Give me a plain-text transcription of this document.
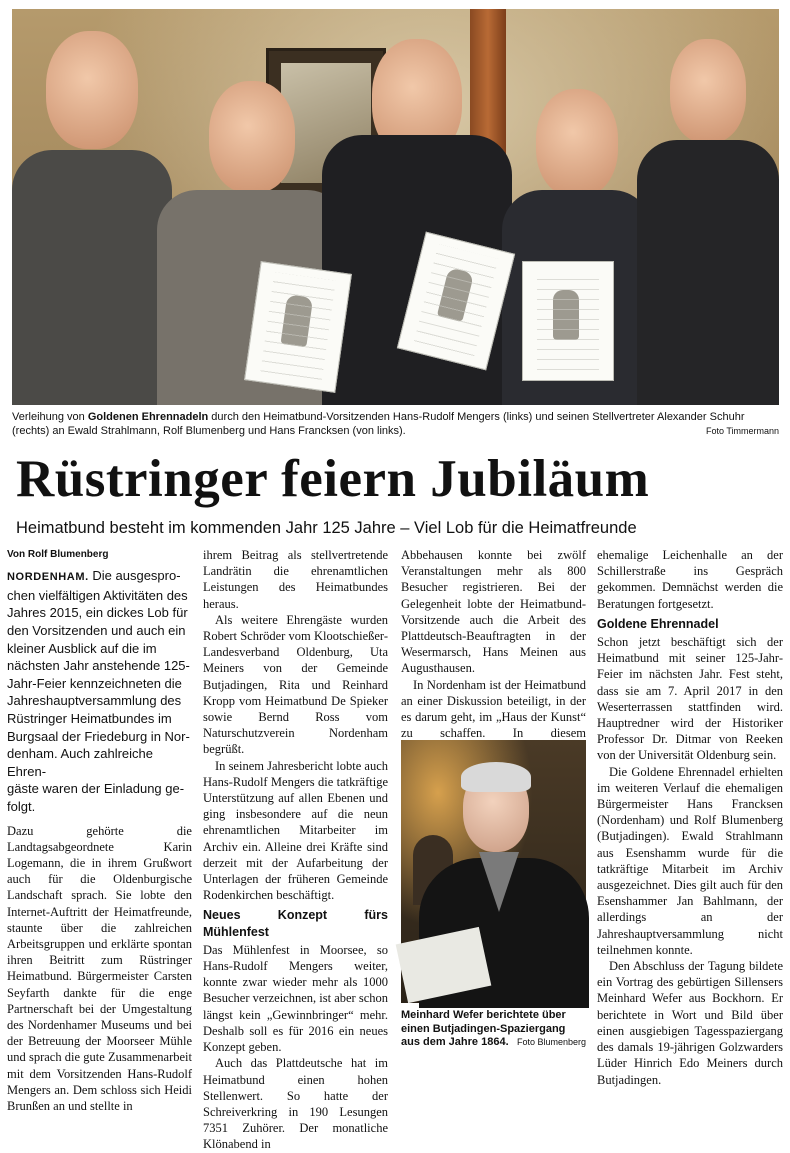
Verleihung von Goldenen Ehrennadeln durch den Heimatbund-Vorsitzenden Hans-Rudolf Mengers (links) und seinen Stellvertreter Alexander Schuhr (rechts) an Ewald Strahlmann, Rolf Blumenberg und Hans Francksen (von links).	Foto Timmermann
Rüstringer feiern Jubiläum
Heimatbund besteht im kommenden Jahr 125 Jahre – Viel Lob für die Heimatfreunde
Von Rolf Blumenberg
NORDENHAM. Die ausgespro-
chen vielfältigen Aktivitäten des
Jahres 2015, ein dickes Lob für
den Vorsitzenden und auch ein
kleiner Ausblick auf die im
nächsten Jahr anstehende 125-
Jahr-Feier kennzeichneten die
Jahreshauptversammlung des
Rüstringer Heimatbundes im
Burgsaal der Friedeburg in Nor-
denham. Auch zahlreiche Ehren-
gäste waren der Einladung ge-
folgt.

Dazu gehörte die Landtagsabgeordnete Karin Logemann, die in ihrem Grußwort auch für die Oldenburgische Landschaft sprach. Sie lobte den Internet-Auftritt der Heimatfreunde, staunte über die zahlreichen Arbeitsgruppen und erklärte spontan ihren Beitritt zum Rüstringer Heimatbund. Bürgermeister Carsten Seyfarth dankte für die enge Partnerschaft bei der Umgestaltung des Nordenhamer Museums und bei der Betreuung der Moorseer Mühle und sprach die gute Zusammenarbeit mit dem Vorsitzenden Hans-Rudolf Mengers an. Dem schloss sich Heidi Brunßen an und stellte in

ihrem Beitrag als stellvertretende Landrätin die ehrenamtlichen Leistungen des Heimatbundes heraus.

Als weitere Ehrengäste wurden Robert Schröder vom Klootschießer-Landesverband Oldenburg, Uta Meiners von der Gemeinde Butjadingen, Rita und Reinhard Kropp vom Heimatbund De Spieker sowie Bernd Ross vom Naturschutzverein Nordenham begrüßt.

In seinem Jahresbericht lobte auch Hans-Rudolf Mengers die tatkräftige Unterstützung auf allen Ebenen und ging insbesondere auf die neun ehrenamtlichen Mitarbeiter im Archiv ein. Alleine drei Kräfte sind derzeit mit der Aufarbeitung der Unterlagen der früheren Gemeinde Rodenkirchen beschäftigt.

Neues Konzept fürs Mühlenfest

Das Mühlenfest in Moorsee, so Hans-Rudolf Mengers weiter, konnte zwar wieder mehr als 1000 Besucher verzeichnen, ist aber schon längst kein „Gewinnbringer“ mehr. Deshalb soll es für 2016 ein neues Konzept geben.

Auch das Plattdeutsche hat im Heimatbund einen hohen Stellenwert. So hatte der Schreiverkring in 190 Lesungen 7351 Zuhörer. Der monatliche Klönabend in

Abbehausen konnte bei zwölf Veranstaltungen mehr als 800 Besucher registrieren. Bei der Gelegenheit lobte der Heimatbund-Vorsitzende auch die Arbeit des Plattdeutsch-Beauftragten in der Wesermarsch, Hans Meinen aus Augusthausen.

In Nordenham ist der Heimatbund an einer Diskussion beteiligt, in der es darum geht, im „Haus der Kunst“ zu schaffen. In diesem

Meinhard Wefer berichtete über einen Butjadingen-Spaziergang aus dem Jahre 1864. Foto Blumenberg

ehemalige Leichenhalle an der Schillerstraße ins Gespräch gekommen. Demnächst werden die Beratungen fortgesetzt.

Goldene Ehrennadel

Schon jetzt beschäftigt sich der Heimatbund mit seiner 125-Jahr-Feier im nächsten Jahr. Fest steht, dass sie am 7. April 2017 in den Weserterrassen stattfinden wird. Hauptredner wird der Historiker Professor Dr. Ditmar von Reeken von der Universität Oldenburg sein.

Die Goldene Ehrennadel erhielten im weiteren Verlauf die ehemaligen Bürgermeister Hans Francksen (Nordenham) und Rolf Blumenberg (Butjadingen). Ewald Strahlmann aus Esenshamm wurde für die tatkräftige Mitarbeit im Archiv ausgezeichnet. Dies gilt auch für den Esenshammer Jan Bahlmann, der allerdings an der Jahreshauptversammlung nicht teilnehmen konnte.

Den Abschluss der Tagung bildete ein Vortrag des gebürtigen Sillensers Meinhard Wefer aus Bockhorn. Er berichtete in Wort und Bild über einen ausgiebigen Tagesspaziergang des damals 19-jährigen Golzwarders Lüder Hinrich Edo Meiners durch Butjadingen.
